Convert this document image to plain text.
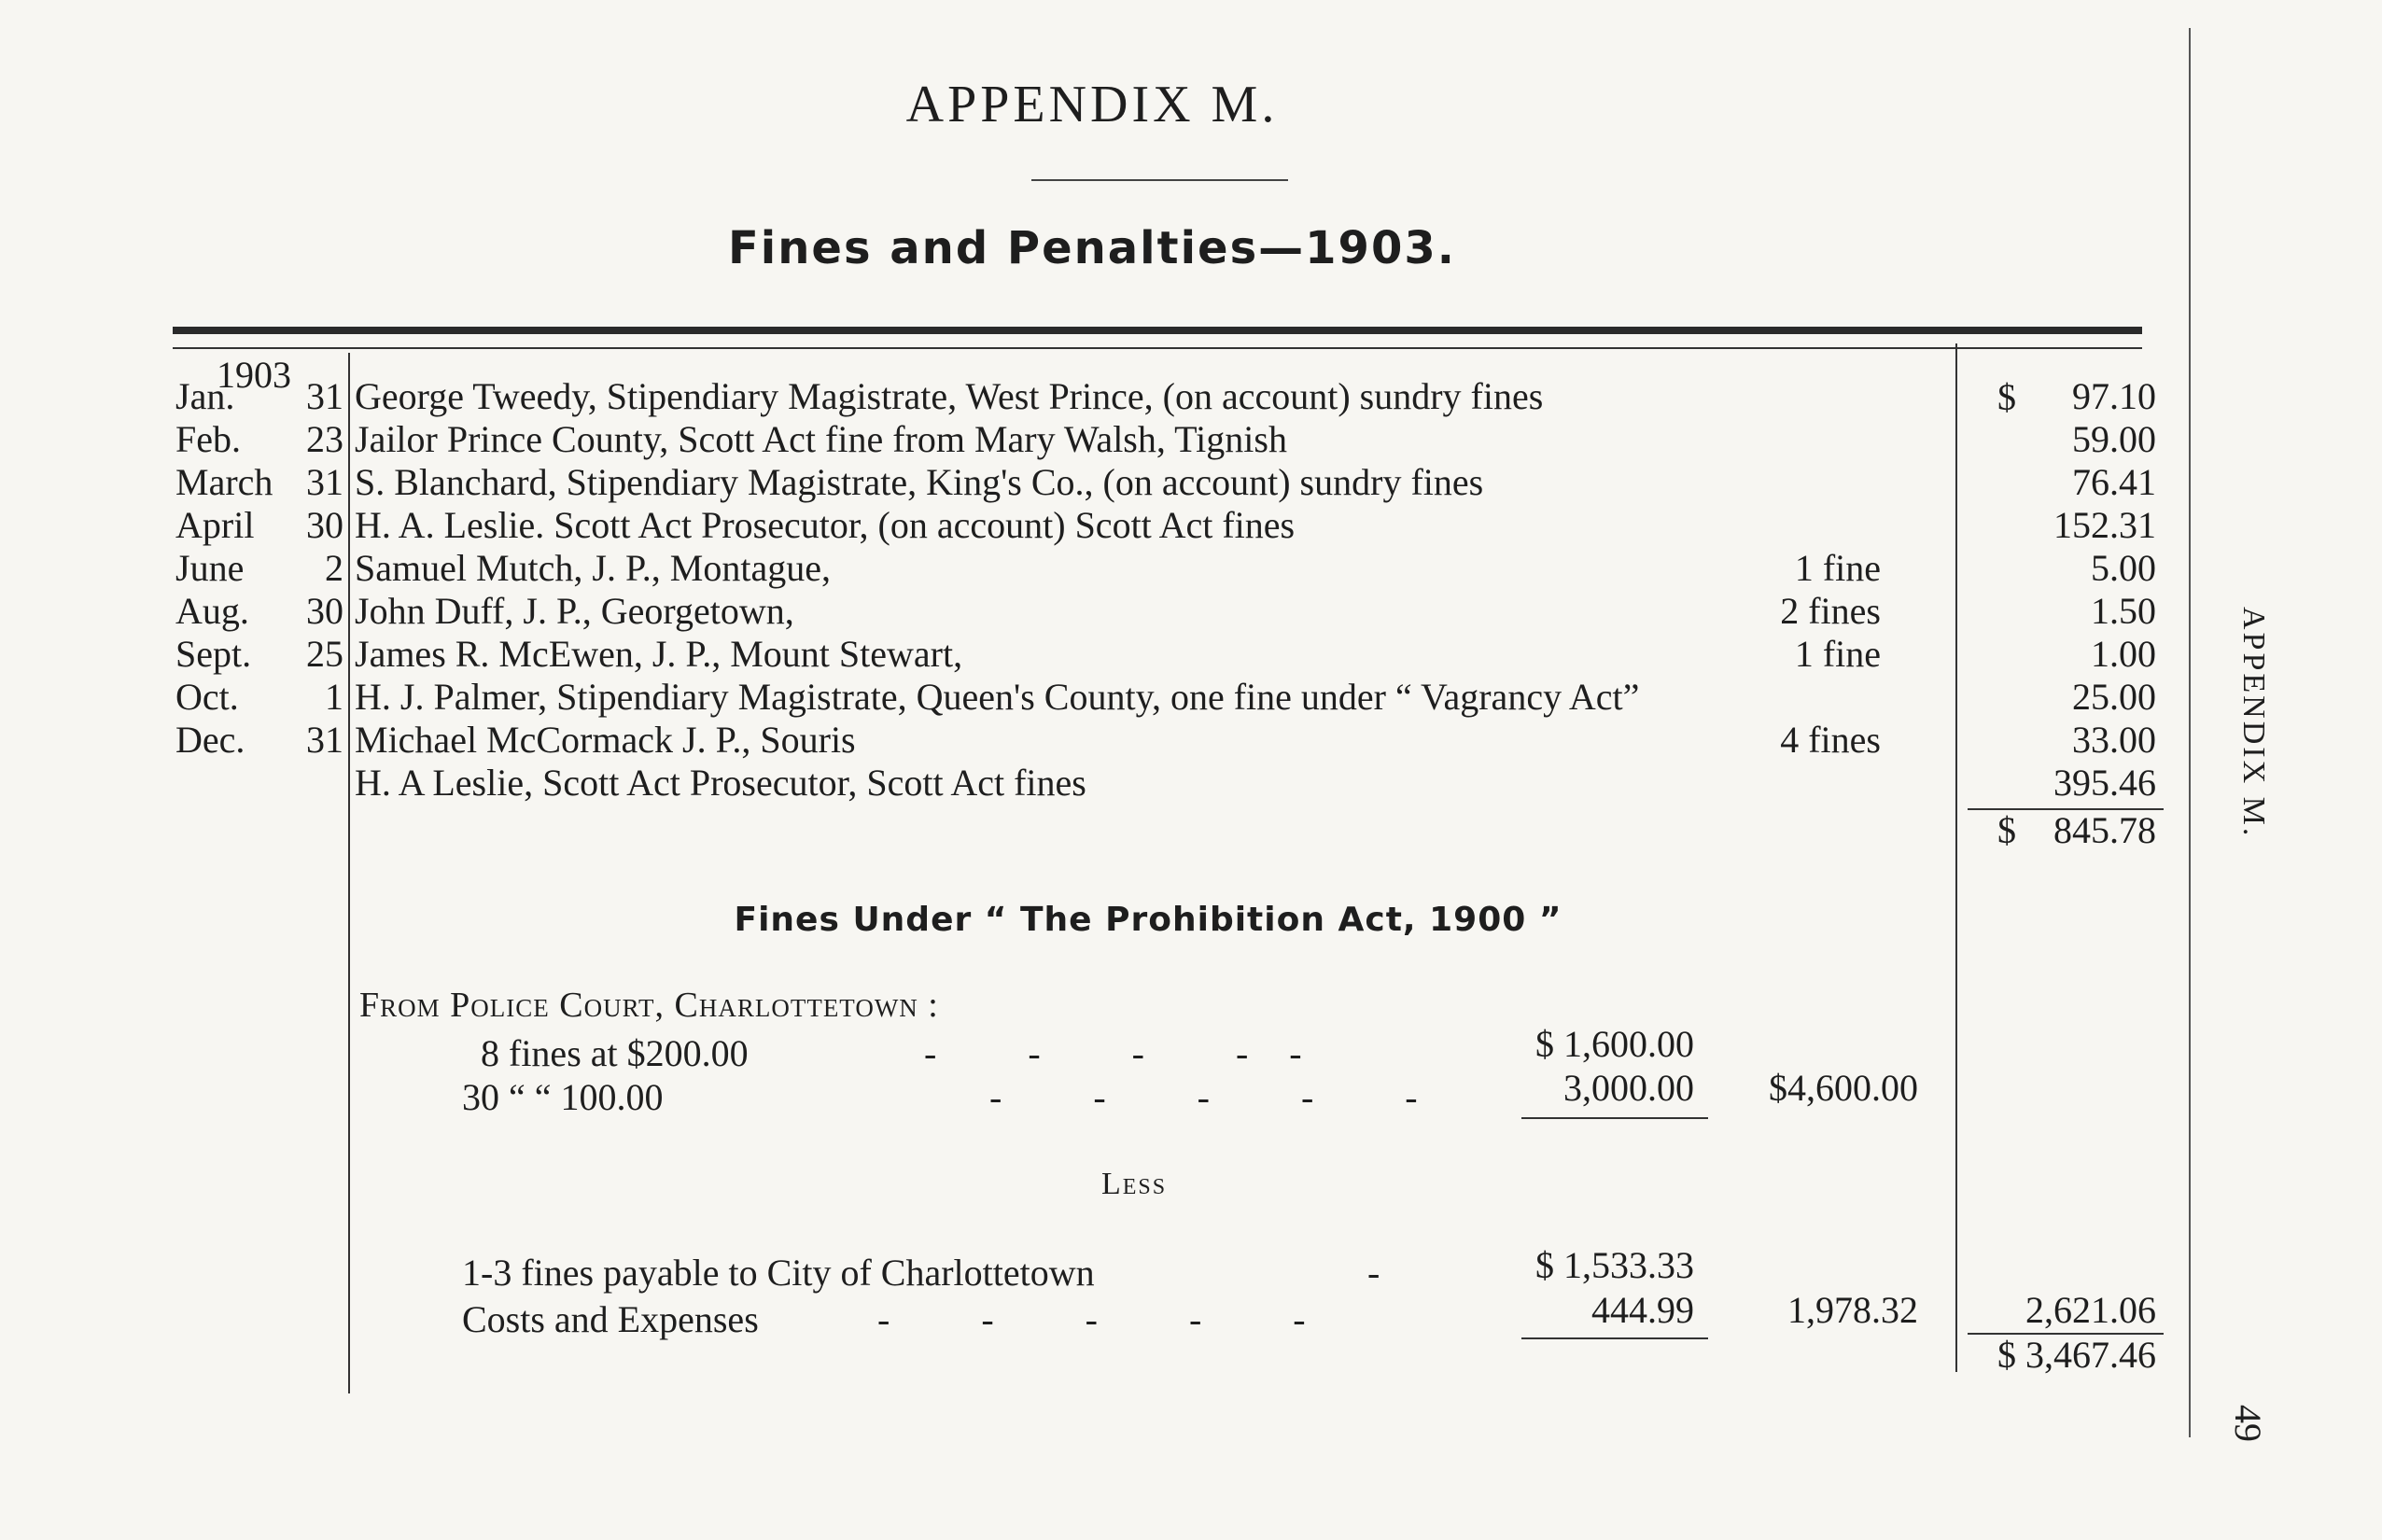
APPENDIX M.
Fines and Penalties—1903.
1903
Jan.	31 George Tweedy, Stipendiary Magistrate, West Prince, (on account) sundry fines	97.10
Feb.	23 Jailor Prince County, Scott Act fine from Mary Walsh, Tignish	59.00
March 31 S. Blanchard, Stipendiary Magistrate, King's Co., (on account) sundry fines	76.41
April	30 H. A. Leslie. Scott Act Prosecutor, (on account) Scott Act fines	152.31
June	2 Samuel Mutch, J. P., Montague,	1 fine	5.00
Aug.	30 John Duff, J. P., Georgetown,	2 fines	1.50
Sept.	25 James R. McEwen, J. P., Mount Stewart,	1 fine	1.00
Oct.	1 H. J. Palmer, Stipendiary Magistrate, Queen's County, one fine under “ Vagrancy Act”	25.00
Dec.	31 Michael McCormack J. P., Souris	4 fines	33.00
H. A Leslie, Scott Act Prosecutor, Scott Act fines	395.46
$
$	845.78
Fines Under “ The Prohibition Act, 1900 ”
From Police Court, Charlottetown :
8 fines at $200.00	-     -     -     -  -	$ 1,600.00
30 “ “ 100.00	-     -     -     -     -	3,000.00	$4,600.00
Less
1-3 fines payable to City of Charlottetown	-	$ 1,533.33
Costs and Expenses	-     -     -     -     -	444.99	1,978.32	2,621.06
$ 3,467.46
APPENDIX M.
49
